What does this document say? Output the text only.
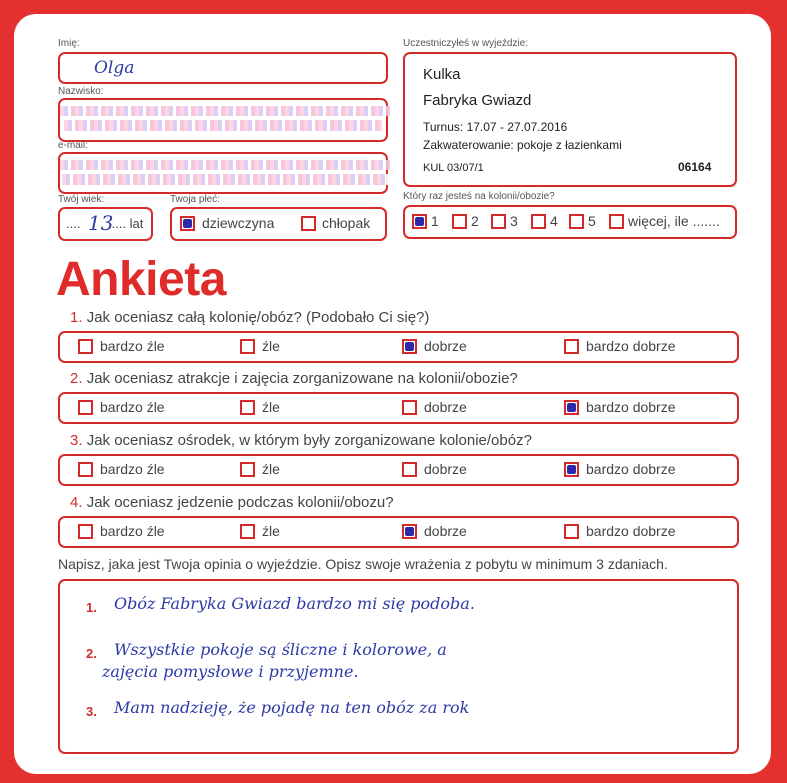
Imię:
Olga
Nazwisko:
e-mail:
Twój wiek:
.... 13
..... lat
Twoja płeć:
dziewczyna	chłopak
Uczestniczyłeś w wyjeździe:
Kulka
Fabryka Gwiazd
Turnus: 17.07 - 27.07.2016
Zakwaterowanie: pokoje z łazienkami
KUL 03/07/1	06164
Który raz jesteś na kolonii/obozie?
1 2 3 4 5 więcej, ile .......
Ankieta
1. Jak oceniasz całą kolonię/obóz? (Podobało Ci się?)
bardzo źle	źle	dobrze	bardzo dobrze
2. Jak oceniasz atrakcje i zajęcia zorganizowane na kolonii/obozie?
bardzo źle	źle	dobrze	bardzo dobrze
3. Jak oceniasz ośrodek, w którym były zorganizowane kolonie/obóz?
bardzo źle	źle	dobrze	bardzo dobrze
4. Jak oceniasz jedzenie podczas kolonii/obozu?
bardzo źle	źle	dobrze	bardzo dobrze
Napisz, jaka jest Twoja opinia o wyjeździe. Opisz swoje wrażenia z pobytu w minimum 3 zdaniach.
1. Obóz Fabryka Gwiazd bardzo mi się podoba.
2. Wszystkie pokoje są śliczne i kolorowe, a
zajęcia pomysłowe i przyjemne.
3. Mam nadzieję, że pojadę na ten obóz za rok
